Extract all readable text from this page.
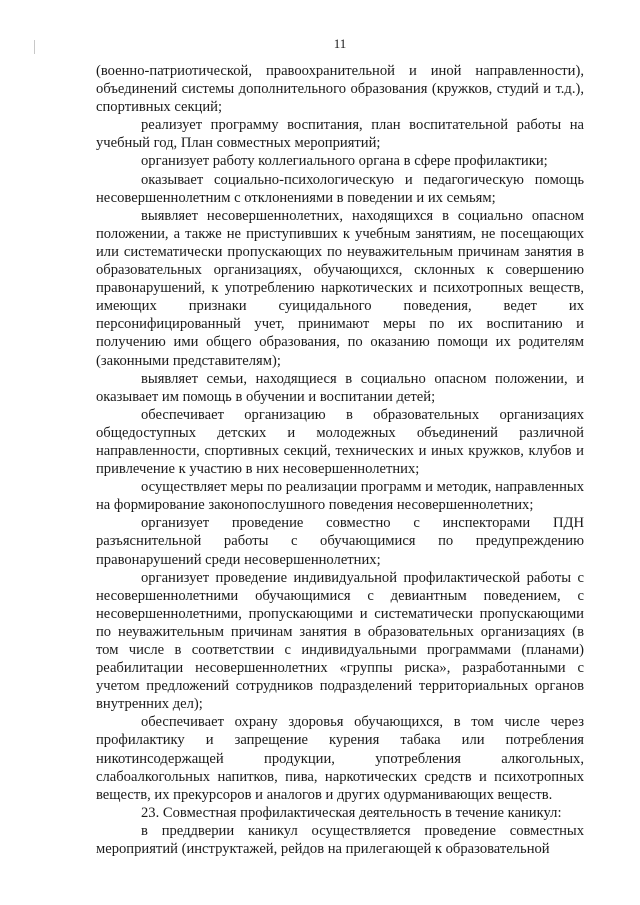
11

(военно-патриотической, правоохранительной и иной направленности), объединений системы дополнительного образования (кружков, студий и т.д.), спортивных секций;

реализует программу воспитания, план воспитательной работы на учебный год, План совместных мероприятий;

организует работу коллегиального органа в сфере профилактики;

оказывает социально-психологическую и педагогическую помощь несовершеннолетним с отклонениями в поведении и их семьям;

выявляет несовершеннолетних, находящихся в социально опасном положении, а также не приступивших к учебным занятиям, не посещающих или систематически пропускающих по неуважительным причинам занятия в образовательных организациях, обучающихся, склонных к совершению правонарушений, к употреблению наркотических и психотропных веществ, имеющих признаки суицидального поведения, ведет их персонифицированный учет, принимают меры по их воспитанию и получению ими общего образования, по оказанию помощи их родителям (законными представителям);

выявляет семьи, находящиеся в социально опасном положении, и оказывает им помощь в обучении и воспитании детей;

обеспечивает организацию в образовательных организациях общедоступных детских и молодежных объединений различной направленности, спортивных секций, технических и иных кружков, клубов и привлечение к участию в них несовершеннолетних;

осуществляет меры по реализации программ и методик, направленных на формирование законопослушного поведения несовершеннолетних;

организует проведение совместно с инспекторами ПДН разъяснительной работы с обучающимися по предупреждению правонарушений среди несовершеннолетних;

организует проведение индивидуальной профилактической работы с несовершеннолетними обучающимися с девиантным поведением, с несовершеннолетними, пропускающими и систематически пропускающими по неуважительным причинам занятия в образовательных организациях (в том числе в соответствии с индивидуальными программами (планами) реабилитации несовершеннолетних «группы риска», разработанными с учетом предложений сотрудников подразделений территориальных органов внутренних дел);

обеспечивает охрану здоровья обучающихся, в том числе через профилактику и запрещение курения табака или потребления никотинсодержащей продукции, употребления алкогольных, слабоалкогольных напитков, пива, наркотических средств и психотропных веществ, их прекурсоров и аналогов и других одурманивающих веществ.

23. Совместная профилактическая деятельность в течение каникул:

в преддверии каникул осуществляется проведение совместных мероприятий (инструктажей, рейдов на прилегающей к образовательной
